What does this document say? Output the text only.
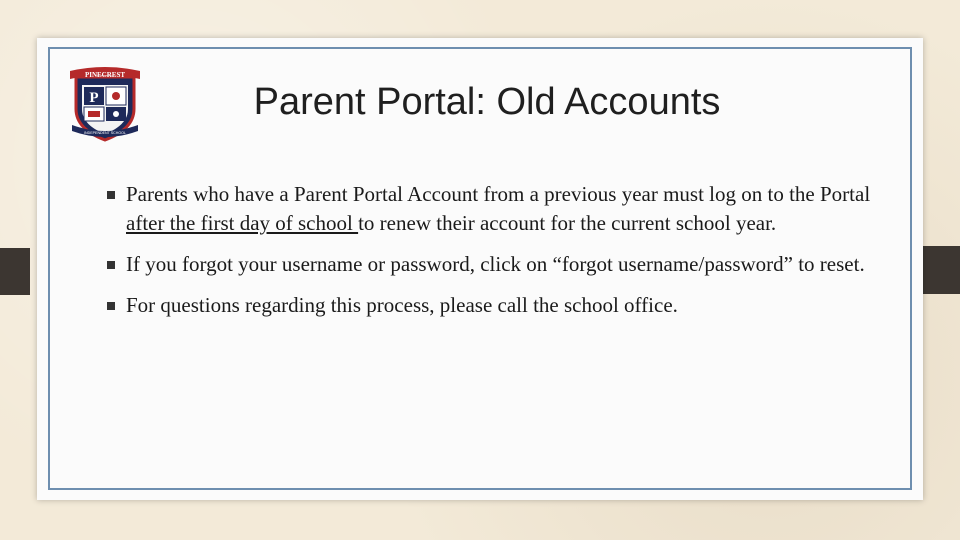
P
PINECREST
INDEPENDENT SCHOOL
Parent Portal: Old Accounts
Parents who have a Parent Portal Account from a previous year must log on to the Portal after the first day of school to renew their account for the current school year.
If you forgot your username or password, click on “forgot username/password” to reset.
For questions regarding this process, please call the school office.
